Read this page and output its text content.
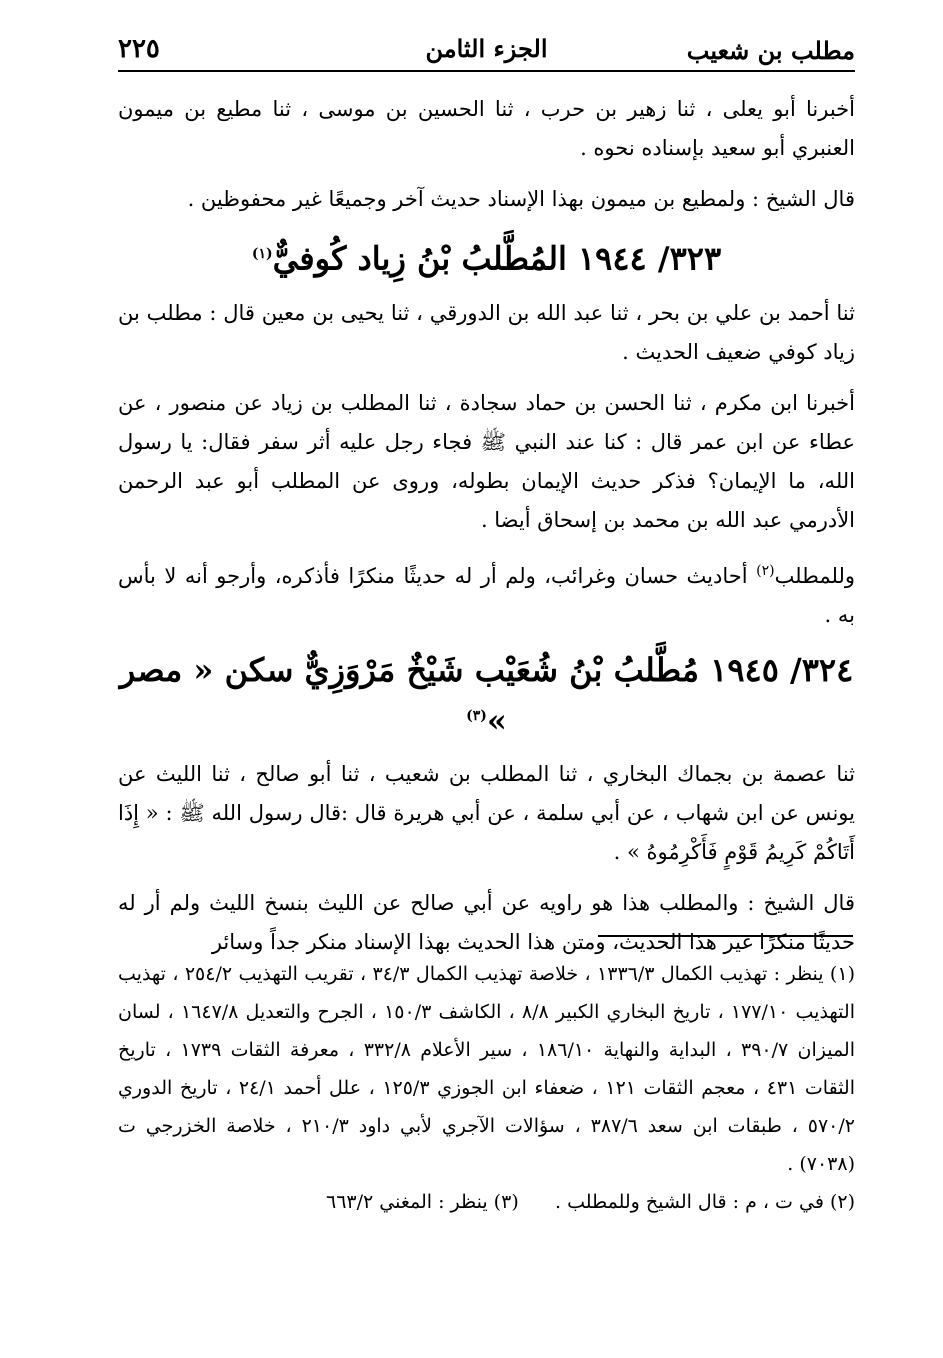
مطلب بن شعيب
الجزء الثامن
٢٢٥

أخبرنا أبو يعلى ، ثنا زهير بن حرب ، ثنا الحسين بن موسى ، ثنا مطيع بن ميمون العنبري أبو سعيد بإسناده نحوه .

قال الشيخ : ولمطيع بن ميمون بهذا الإسناد حديث آخر وجميعًا غير محفوظين .

٣٢٣/ ١٩٤٤ المُطَّلبُ بْنُ زِياد كُوفيٌّ$^{(١)}$

ثنا أحمد بن علي بن بحر ، ثنا عبد الله بن الدورقي ، ثنا يحيى بن معين قال : مطلب بن زياد كوفي ضعيف الحديث .

أخبرنا ابن مكرم ، ثنا الحسن بن حماد سجادة ، ثنا المطلب بن زياد عن منصور ، عن عطاء عن ابن عمر قال : كنا عند النبي ﷺ فجاء رجل عليه أثر سفر فقال: يا رسول الله، ما الإيمان؟ فذكر حديث الإيمان بطوله، وروى عن المطلب أبو عبد الرحمن الأدرمي عبد الله بن محمد بن إسحاق أيضا .

وللمطلب$^{(٢)}$ أحاديث حسان وغرائب، ولم أر له حديثًا منكرًا فأذكره، وأرجو أنه لا بأس به .

٣٢٤/ ١٩٤٥ مُطَّلبُ بْنُ شُعَيْب شَيْخٌ مَرْوَزِيٌّ سكن « مصر »$^{(٣)}$

ثنا عصمة بن بجماك البخاري ، ثنا المطلب بن شعيب ، ثنا أبو صالح ، ثنا الليث عن يونس عن ابن شهاب ، عن أبي سلمة ، عن أبي هريرة قال :قال رسول الله ﷺ : « إِذَا أَتَاكُمْ كَرِيمُ قَوْمٍ فَأَكْرِمُوهُ » .

قال الشيخ : والمطلب هذا هو راويه عن أبي صالح عن الليث بنسخ الليث ولم أر له حديثًا منكرًا غير هذا الحديث، ومتن هذا الحديث بهذا الإسناد منكر جداً وسائر

(١) ينظر : تهذيب الكمال ١٣٣٦/٣ ، خلاصة تهذيب الكمال ٣٤/٣ ، تقريب التهذيب ٢٥٤/٢ ، تهذيب التهذيب ١٧٧/١٠ ، تاريخ البخاري الكبير ٨/٨ ، الكاشف ١٥٠/٣ ، الجرح والتعديل ١٦٤٧/٨ ، لسان الميزان ٣٩٠/٧ ، البداية والنهاية ١٨٦/١٠ ، سير الأعلام ٣٣٢/٨ ، معرفة الثقات ١٧٣٩ ، تاريخ الثقات ٤٣١ ، معجم الثقات ١٢١ ، ضعفاء ابن الجوزي ١٢٥/٣ ، علل أحمد ٢٤/١ ، تاريخ الدوري ٥٧٠/٢ ، طبقات ابن سعد ٣٨٧/٦ ، سؤالات الآجري لأبي داود ٢١٠/٣ ، خلاصة الخزرجي ت (٧٠٣٨) .

(٢) في ت ، م : قال الشيخ وللمطلب .      (٣) ينظر : المغني ٦٦٣/٢
